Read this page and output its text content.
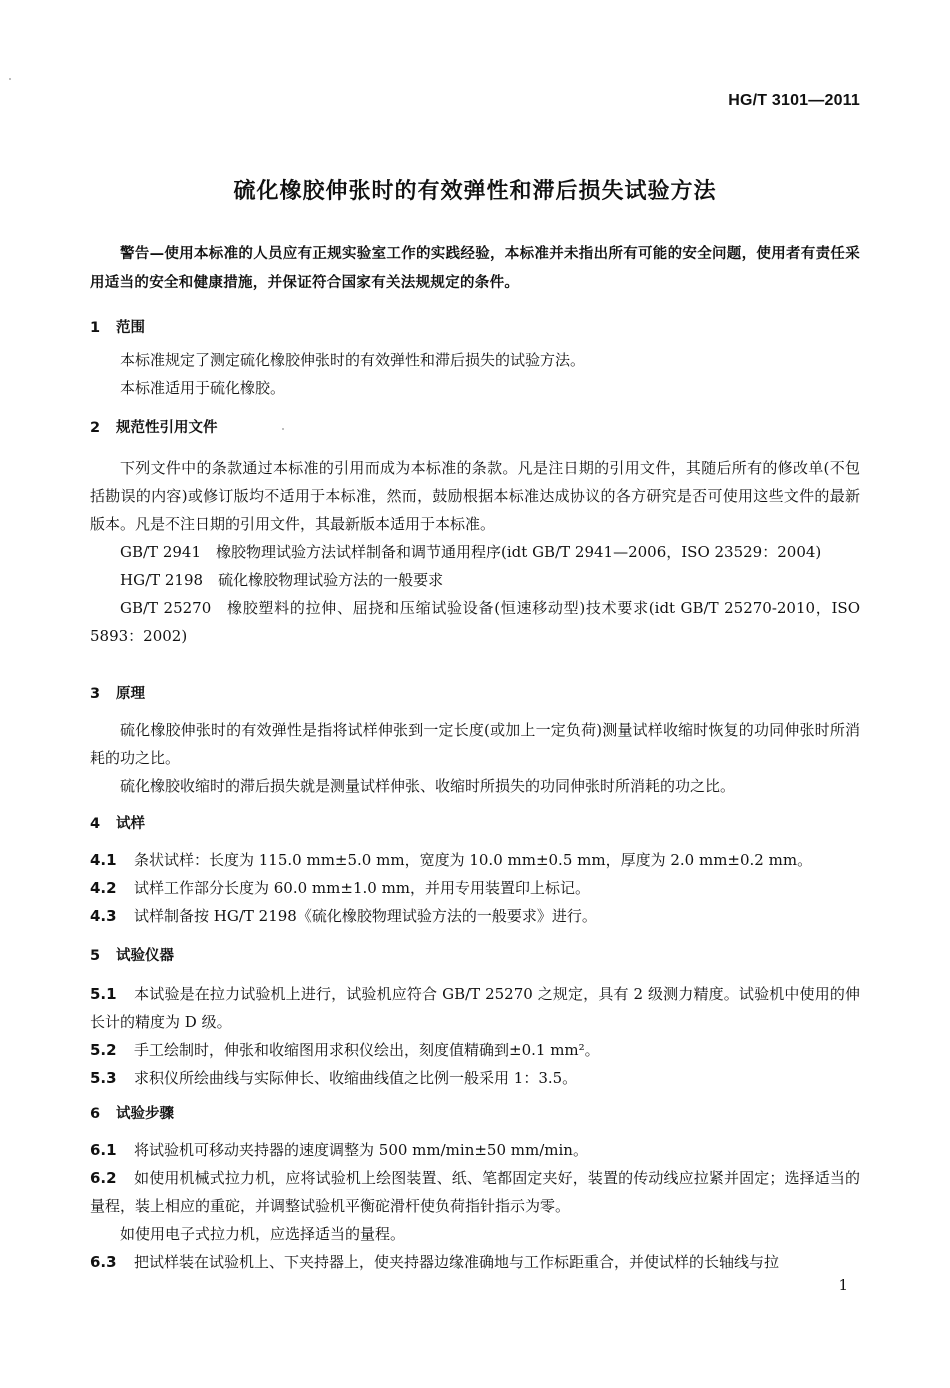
HG/T 3101—2011
硫化橡胶伸张时的有效弹性和滞后损失试验方法
警告—使用本标准的人员应有正规实验室工作的实践经验，本标准并未指出所有可能的安全问题，使用者有责任采用适当的安全和健康措施，并保证符合国家有关法规规定的条件。
1 范围

本标准规定了测定硫化橡胶伸张时的有效弹性和滞后损失的试验方法。

本标准适用于硫化橡胶。

2 规范性引用文件

下列文件中的条款通过本标准的引用而成为本标准的条款。凡是注日期的引用文件，其随后所有的修改单(不包括勘误的内容)或修订版均不适用于本标准，然而，鼓励根据本标准达成协议的各方研究是否可使用这些文件的最新版本。凡是不注日期的引用文件，其最新版本适用于本标准。

GB/T 2941  橡胶物理试验方法试样制备和调节通用程序(idt GB/T 2941—2006，ISO 23529：2004)

HG/T 2198  硫化橡胶物理试验方法的一般要求

GB/T 25270  橡胶塑料的拉伸、屈挠和压缩试验设备(恒速移动型)技术要求(idt GB/T 25270-2010，ISO 5893：2002)

3 原理

硫化橡胶伸张时的有效弹性是指将试样伸张到一定长度(或加上一定负荷)测量试样收缩时恢复的功同伸张时所消耗的功之比。

硫化橡胶收缩时的滞后损失就是测量试样伸张、收缩时所损失的功同伸张时所消耗的功之比。

4 试样

4.1 条状试样：长度为 115.0 mm±5.0 mm，宽度为 10.0 mm±0.5 mm，厚度为 2.0 mm±0.2 mm。

4.2 试样工作部分长度为 60.0 mm±1.0 mm，并用专用装置印上标记。

4.3 试样制备按 HG/T 2198《硫化橡胶物理试验方法的一般要求》进行。

5 试验仪器

5.1 本试验是在拉力试验机上进行，试验机应符合 GB/T 25270 之规定，具有 2 级测力精度。试验机中使用的伸长计的精度为 D 级。

5.2 手工绘制时，伸张和收缩图用求积仪绘出，刻度值精确到±0.1 mm²。

5.3 求积仪所绘曲线与实际伸长、收缩曲线值之比例一般采用 1：3.5。

6 试验步骤

6.1 将试验机可移动夹持器的速度调整为 500 mm/min±50 mm/min。

6.2 如使用机械式拉力机，应将试验机上绘图装置、纸、笔都固定夹好，装置的传动线应拉紧并固定；选择适当的量程，装上相应的重砣，并调整试验机平衡砣滑杆使负荷指针指示为零。

如使用电子式拉力机，应选择适当的量程。

6.3 把试样装在试验机上、下夹持器上，使夹持器边缘准确地与工作标距重合，并使试样的长轴线与拉

1
